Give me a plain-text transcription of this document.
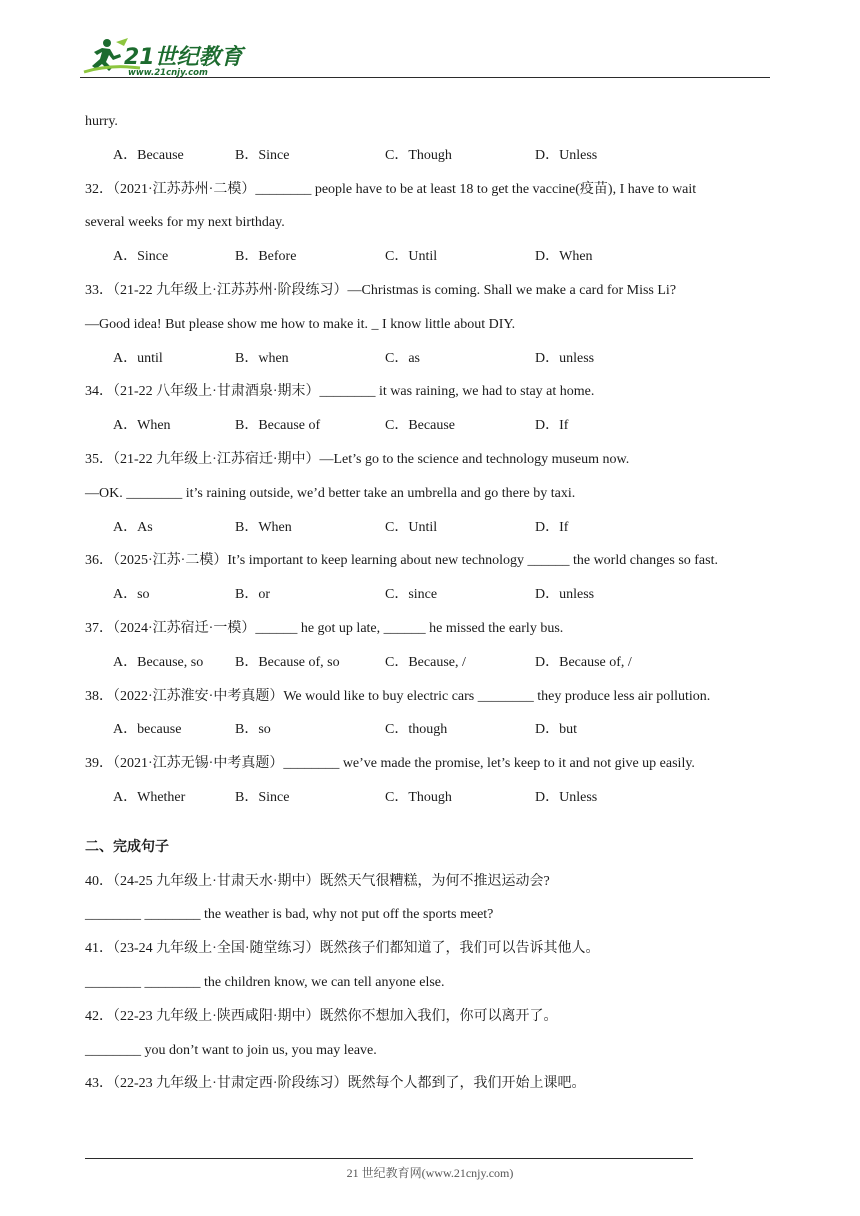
21世纪教育
www.21cnjy.com
hurry.
A．Because	B．Since	C．Though	D．Unless
32．（2021·江苏苏州·二模）________ people have to be at least 18 to get the vaccine(疫苗), I have to wait
several weeks for my next birthday.
A．Since	B．Before	C．Until	D．When
33．（21-22 九年级上·江苏苏州·阶段练习）—Christmas is coming. Shall we make a card for Miss Li?
—Good idea! But please show me how to make it. _ I know little about DIY.
A．until	B．when	C．as	D．unless
34．（21-22 八年级上·甘肃酒泉·期末）________ it was raining, we had to stay at home.
A．When	B．Because of	C．Because	D．If
35．（21-22 九年级上·江苏宿迁·期中）—Let’s go to the science and technology museum now.
—OK. ________ it’s raining outside, we’d better take an umbrella and go there by taxi.
A．As	B．When	C．Until	D．If
36．（2025·江苏·二模）It’s important to keep learning about new technology ______ the world changes so fast.
A．so	B．or	C．since	D．unless
37．（2024·江苏宿迁·一模）______ he got up late, ______ he missed the early bus.
A．Because, so B．Because of, so	C．Because, /	D．Because of, /
38．（2022·江苏淮安·中考真题）We would like to buy electric cars ________ they produce less air pollution.
A．because	B．so	C．though	D．but
39．（2021·江苏无锡·中考真题）________ we’ve made the promise, let’s keep to it and not give up easily.
A．Whether	B．Since	C．Though	D．Unless
二、完成句子
40．（24-25 九年级上·甘肃天水·期中）既然天气很糟糕，为何不推迟运动会?
________ ________ the weather is bad, why not put off the sports meet?
41．（23-24 九年级上·全国·随堂练习）既然孩子们都知道了，我们可以告诉其他人。
________ ________ the children know, we can tell anyone else.
42．（22-23 九年级上·陕西咸阳·期中）既然你不想加入我们，你可以离开了。
________ you don’t want to join us, you may leave.
43．（22-23 九年级上·甘肃定西·阶段练习）既然每个人都到了，我们开始上课吧。
21 世纪教育网(www.21cnjy.com)
